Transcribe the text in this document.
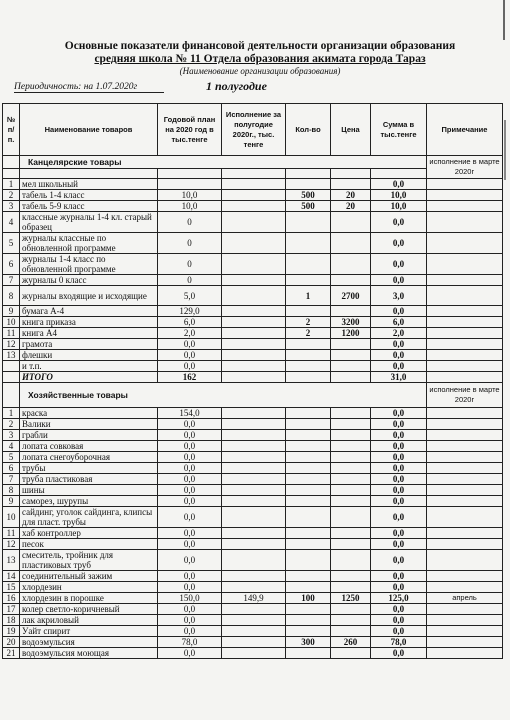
Основные показатели финансовой деятельности организации образования
средняя школа № 11 Отдела образования акимата города Тараз
(Наименование организации образования)
Периодичность: на 1.07.2020г	1 полугодие
№ п/п.	Наименование товаров	Годовой план на 2020 год в тыс.тенге	Исполнение за полугодие 2020г., тыс. тенге	Кол-во	Цена	Сумма в тыс.тенге	Примечание
	Канцелярские товары						исполнение в марте 2020г

1	мел школьный					0,0	
2	табель 1-4 класс	10,0		500	20	10,0	
3	табель 5-9 класс	10,0		500	20	10,0	
4	классные журналы 1-4 кл. старый образец	0				0,0	
5	журналы классные по обновленной программе	0				0,0	
6	журналы 1-4 класс по обновленной программе	0				0,0	
7	журналы 0 класс	0				0,0	
8	журналы входящие и исходящие	5,0		1	2700	3,0	
9	бумага А-4	129,0				0,0	
10	книга приказа	6,0		2	3200	6,0	
11	книга А4	2,0		2	1200	2,0	
12	грамота	0,0				0,0	
13	флешки	0,0				0,0	
	и т.п.	0,0				0,0	
	ИТОГО	162				31,0	
	Хозяйственные товары						исполнение в марте 2020г
1	краска	154,0				0,0	
2	Валики	0,0				0,0	
3	грабли	0,0				0,0	
4	лопата совковая	0,0				0,0	
5	лопата снегоуборочная	0,0				0,0	
6	трубы	0,0				0,0	
7	труба пластиковая	0,0				0,0	
8	шины	0,0				0,0	
9	саморез, шурупы	0,0				0,0	
10	сайдинг, уголок сайдинга, клипсы для пласт. трубы	0,0				0,0	
11	хаб контроллер	0,0				0,0	
12	песок	0,0				0,0	
13	смеситель, тройник для пластиковых труб	0,0				0,0	
14	соединительный зажим	0,0				0,0	
15	хлордезин	0,0				0,0	
16	хлордезин в порошке	150,0	149,9	100	1250	125,0	апрель
17	колер светло-коричневый	0,0				0,0	
18	лак акриловый	0,0				0,0	
19	Уайт спирит	0,0				0,0	
20	водоэмульсия	78,0		300	260	78,0	
21	водоэмульсия моющая	0,0				0,0	
